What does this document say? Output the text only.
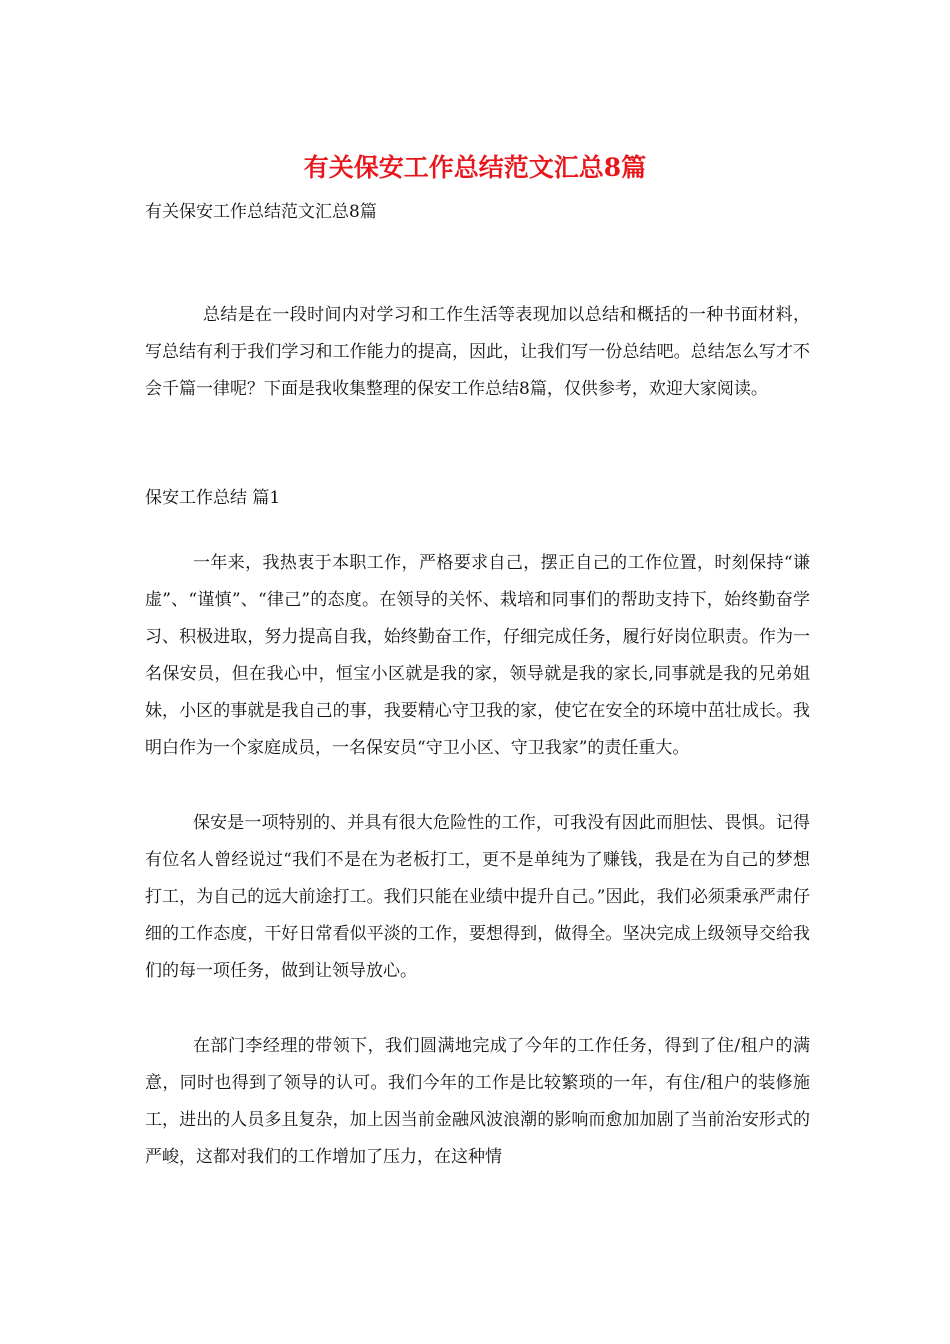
有关保安工作总结范文汇总8篇

有关保安工作总结范文汇总8篇

总结是在一段时间内对学习和工作生活等表现加以总结和概括的一种书面材料，写总结有利于我们学习和工作能力的提高，因此，让我们写一份总结吧。总结怎么写才不会千篇一律呢？下面是我收集整理的保安工作总结8篇，仅供参考，欢迎大家阅读。

保安工作总结 篇1

一年来，我热衷于本职工作，严格要求自己，摆正自己的工作位置，时刻保持“谦虚”、“谨慎”、“律己”的态度。在领导的关怀、栽培和同事们的帮助支持下，始终勤奋学习、积极进取，努力提高自我，始终勤奋工作，仔细完成任务，履行好岗位职责。作为一名保安员，但在我心中，恒宝小区就是我的家，领导就是我的家长,同事就是我的兄弟姐妹，小区的事就是我自己的事，我要精心守卫我的家，使它在安全的环境中茁壮成长。我明白作为一个家庭成员，一名保安员“守卫小区、守卫我家”的责任重大。

保安是一项特别的、并具有很大危险性的工作，可我没有因此而胆怯、畏惧。记得有位名人曾经说过“我们不是在为老板打工，更不是单纯为了赚钱，我是在为自己的梦想打工，为自己的远大前途打工。我们只能在业绩中提升自己。”因此，我们必须秉承严肃仔细的工作态度，干好日常看似平淡的工作，要想得到，做得全。坚决完成上级领导交给我们的每一项任务，做到让领导放心。

在部门李经理的带领下，我们圆满地完成了今年的工作任务，得到了住/租户的满意，同时也得到了领导的认可。我们今年的工作是比较繁琐的一年，有住/租户的装修施工，进出的人员多且复杂，加上因当前金融风波浪潮的影响而愈加加剧了当前治安形式的严峻，这都对我们的工作增加了压力，在这种情
